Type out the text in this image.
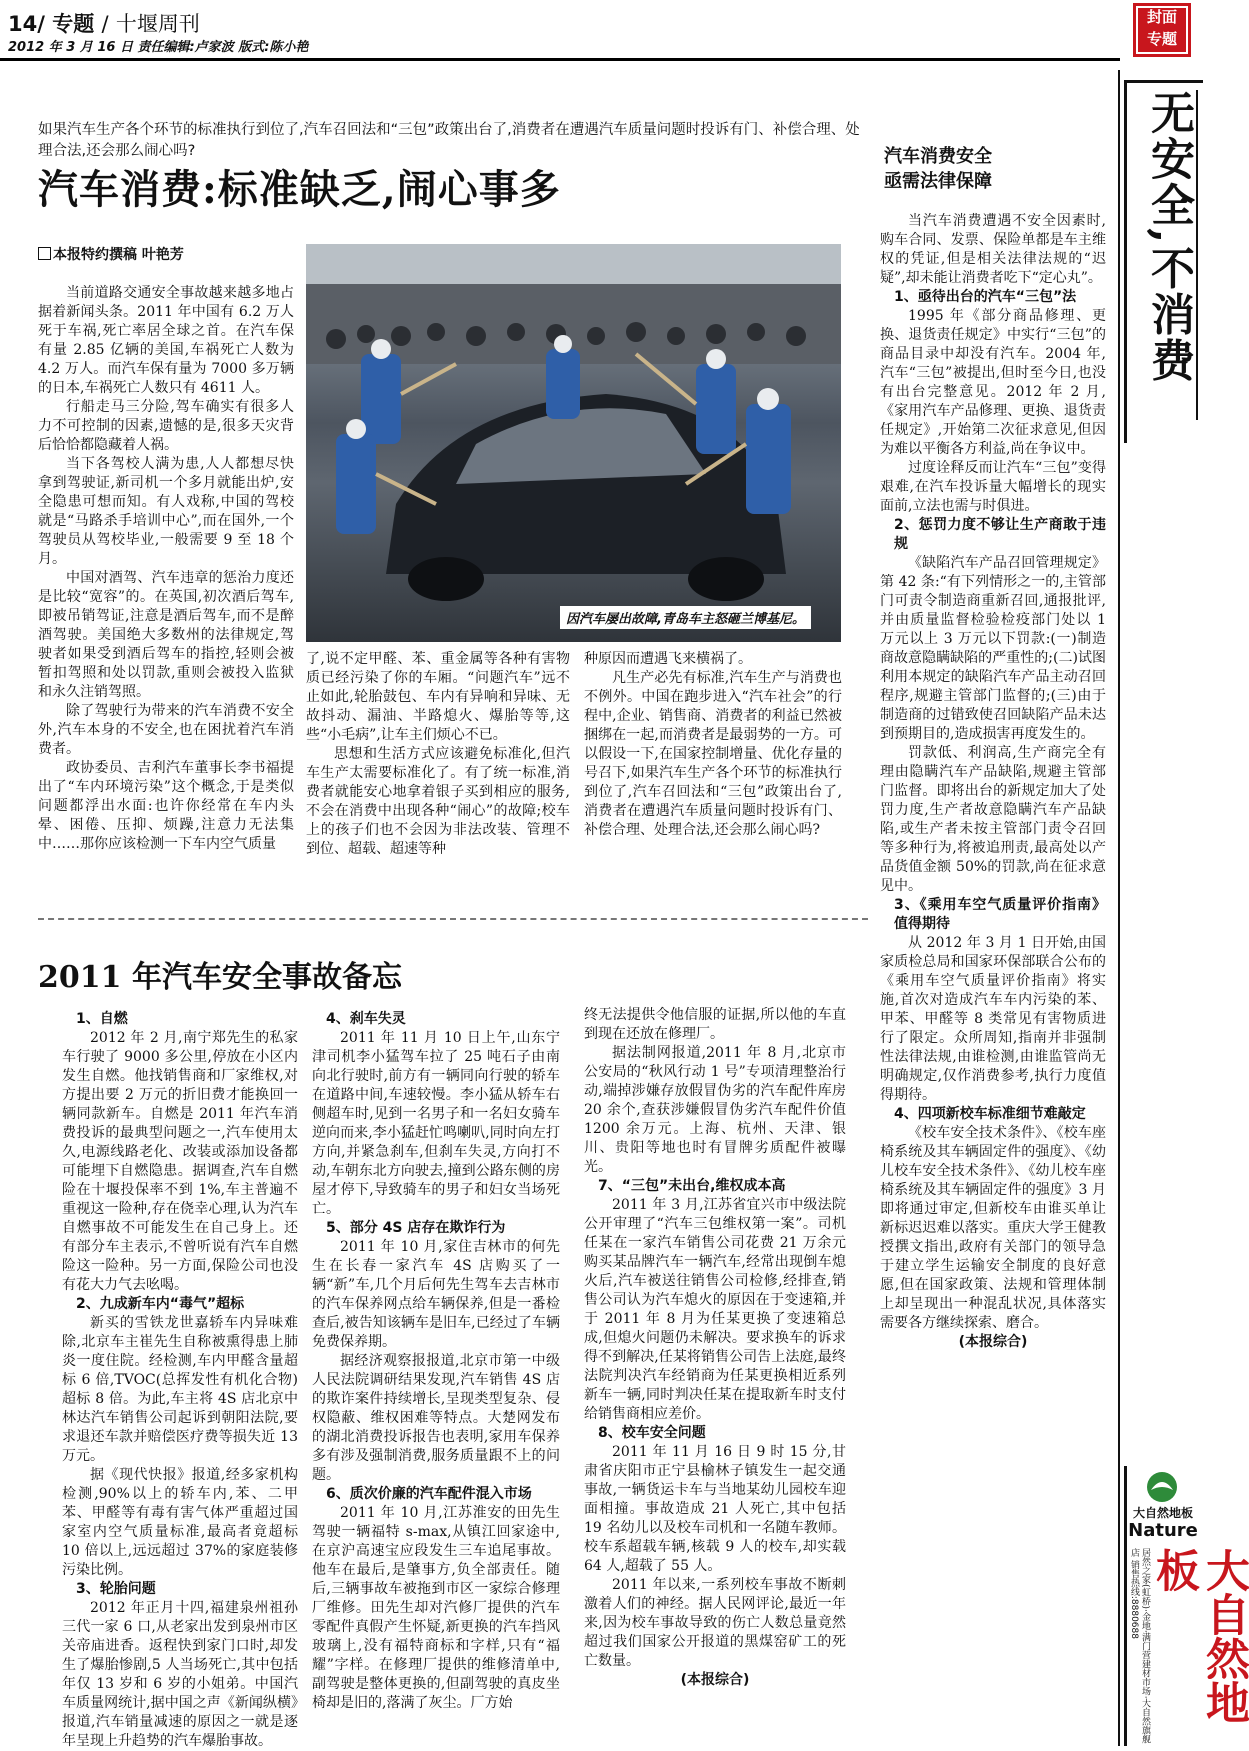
14/ 专题 / 十堰周刊
2012 年 3 月 16 日 责任编辑:卢家波 版式:陈小艳
封面
专题
无安全,不消费
如果汽车生产各个环节的标准执行到位了,汽车召回法和“三包”政策出台了,消费者在遭遇汽车质量问题时投诉有门、补偿合理、处理合法,还会那么闹心吗?
汽车消费:标准缺乏,闹心事多
本报特约撰稿 叶艳芳

当前道路交通安全事故越来越多地占据着新闻头条。2011 年中国有 6.2 万人死于车祸,死亡率居全球之首。在汽车保有量 2.85 亿辆的美国,车祸死亡人数为 4.2 万人。而汽车保有量为 7000 多万辆的日本,车祸死亡人数只有 4611 人。

行船走马三分险,驾车确实有很多人力不可控制的因素,遗憾的是,很多天灾背后恰恰都隐藏着人祸。

当下各驾校人满为患,人人都想尽快拿到驾驶证,新司机一个多月就能出炉,安全隐患可想而知。有人戏称,中国的驾校就是“马路杀手培训中心”,而在国外,一个驾驶员从驾校毕业,一般需要 9 至 18 个月。

中国对酒驾、汽车违章的惩治力度还是比较“宽容”的。在英国,初次酒后驾车,即被吊销驾证,注意是酒后驾车,而不是醉酒驾驶。美国绝大多数州的法律规定,驾驶者如果受到酒后驾车的指控,轻则会被暂扣驾照和处以罚款,重则会被投入监狱和永久注销驾照。

除了驾驶行为带来的汽车消费不安全外,汽车本身的不安全,也在困扰着汽车消费者。

政协委员、吉利汽车董事长李书福提出了“车内环境污染”这个概念,于是类似问题都浮出水面:也许你经常在车内头晕、困倦、压抑、烦躁,注意力无法集中……那你应该检测一下车内空气质量

因汽车屡出故障,青岛车主怒砸兰博基尼。

了,说不定甲醛、苯、重金属等各种有害物质已经污染了你的车厢。“问题汽车”远不止如此,轮胎鼓包、车内有异响和异味、无故抖动、漏油、半路熄火、爆胎等等,这些“小毛病”,让车主们烦心不已。

思想和生活方式应该避免标准化,但汽车生产太需要标准化了。有了统一标准,消费者就能安心地拿着银子买到相应的服务,不会在消费中出现各种“闹心”的故障;校车上的孩子们也不会因为非法改装、管理不到位、超载、超速等种

种原因而遭遇飞来横祸了。

凡生产必先有标准,汽车生产与消费也不例外。中国在跑步进入“汽车社会”的行程中,企业、销售商、消费者的利益已然被捆绑在一起,而消费者是最弱势的一方。可以假设一下,在国家控制增量、优化存量的号召下,如果汽车生产各个环节的标准执行到位了,汽车召回法和“三包”政策出台了,消费者在遭遇汽车质量问题时投诉有门、补偿合理、处理合法,还会那么闹心吗?

2011 年汽车安全事故备忘

1、自燃

2012 年 2 月,南宁郑先生的私家车行驶了 9000 多公里,停放在小区内发生自燃。他找销售商和厂家维权,对方提出要 2 万元的折旧费才能换回一辆同款新车。自燃是 2011 年汽车消费投诉的最典型问题之一,汽车使用太久,电源线路老化、改装或添加设备都可能埋下自燃隐患。据调查,汽车自燃险在十堰投保率不到 1%,车主普遍不重视这一险种,存在侥幸心理,认为汽车自燃事故不可能发生在自己身上。还有部分车主表示,不曾听说有汽车自燃险这一险种。另一方面,保险公司也没有花大力气去吆喝。

2、九成新车内“毒气”超标

新买的雪铁龙世嘉轿车内异味难除,北京车主崔先生自称被熏得患上肺炎一度住院。经检测,车内甲醛含量超标 6 倍,TVOC(总挥发性有机化合物)超标 8 倍。为此,车主将 4S 店北京中林达汽车销售公司起诉到朝阳法院,要求退还车款并赔偿医疗费等损失近 13 万元。

据《现代快报》报道,经多家机构检测,90%以上的轿车内,苯、二甲苯、甲醛等有毒有害气体严重超过国家室内空气质量标准,最高者竟超标 10 倍以上,远远超过 37%的家庭装修污染比例。

3、轮胎问题

2012 年正月十四,福建泉州祖孙三代一家 6 口,从老家出发到泉州市区关帝庙进香。返程快到家门口时,却发生了爆胎惨剧,5 人当场死亡,其中包括年仅 13 岁和 6 岁的小姐弟。中国汽车质量网统计,据中国之声《新闻纵横》报道,汽车销量减速的原因之一就是逐年呈现上升趋势的汽车爆胎事故。

4、刹车失灵

2011 年 11 月 10 日上午,山东宁津司机李小猛驾车拉了 25 吨石子由南向北行驶时,前方有一辆同向行驶的轿车在道路中间,车速较慢。李小猛从轿车右侧超车时,见到一名男子和一名妇女骑车逆向而来,李小猛赶忙鸣喇叭,同时向左打方向,并紧急刹车,但刹车失灵,方向打不动,车朝东北方向驶去,撞到公路东侧的房屋才停下,导致骑车的男子和妇女当场死亡。

5、部分 4S 店存在欺诈行为

2011 年 10 月,家住吉林市的何先生在长春一家汽车 4S 店购买了一辆“新”车,几个月后何先生驾车去吉林市的汽车保养网点给车辆保养,但是一番检查后,被告知该辆车是旧车,已经过了车辆免费保养期。

据经济观察报报道,北京市第一中级人民法院调研结果发现,汽车销售 4S 店的欺诈案件持续增长,呈现类型复杂、侵权隐蔽、维权困难等特点。大楚网发布的湖北消费投诉报告也表明,家用车保养多有涉及强制消费,服务质量跟不上的问题。

6、质次价廉的汽车配件混入市场

2011 年 10 月,江苏淮安的田先生驾驶一辆福特 s-max,从镇江回家途中,在京沪高速宝应段发生三车追尾事故。他车在最后,是肇事方,负全部责任。随后,三辆事故车被拖到市区一家综合修理厂维修。田先生却对汽修厂提供的汽车零配件真假产生怀疑,新更换的汽车挡风玻璃上,没有福特商标和字样,只有“福耀”字样。在修理厂提供的维修清单中,副驾驶是整体更换的,但副驾驶的真皮坐椅却是旧的,落满了灰尘。厂方始

终无法提供令他信服的证据,所以他的车直到现在还放在修理厂。

据法制网报道,2011 年 8 月,北京市公安局的“秋风行动 1 号”专项清理整治行动,端掉涉嫌存放假冒伪劣的汽车配件库房 20 余个,查获涉嫌假冒伪劣汽车配件价值 1200 余万元。上海、杭州、天津、银川、贵阳等地也时有冒牌劣质配件被曝光。

7、“三包”未出台,维权成本高

2011 年 3 月,江苏省宜兴市中级法院公开审理了“汽车三包维权第一案”。司机任某在一家汽车销售公司花费 21 万余元购买某品牌汽车一辆汽车,经常出现倒车熄火后,汽车被送往销售公司检修,经排查,销售公司认为汽车熄火的原因在于变速箱,并于 2011 年 8 月为任某更换了变速箱总成,但熄火问题仍未解决。要求换车的诉求得不到解决,任某将销售公司告上法庭,最终法院判决汽车经销商为任某更换相近系列新车一辆,同时判决任某在提取新车时支付给销售商相应差价。

8、校车安全问题

2011 年 11 月 16 日 9 时 15 分,甘肃省庆阳市正宁县榆林子镇发生一起交通事故,一辆货运卡车与当地某幼儿园校车迎面相撞。事故造成 21 人死亡,其中包括 19 名幼儿以及校车司机和一名随车教师。校车系超载车辆,核载 9 人的校车,却实载 64 人,超载了 55 人。

2011 年以来,一系列校车事故不断刺激着人们的神经。据人民网评论,最近一年来,因为校车事故导致的伤亡人数总量竟然超过我们国家公开报道的黑煤窑矿工的死亡数量。

(本报综合)

汽车消费安全
亟需法律保障

当汽车消费遭遇不安全因素时,购车合同、发票、保险单都是车主维权的凭证,但是相关法律法规的“迟疑”,却未能让消费者吃下“定心丸”。

1、亟待出台的汽车“三包”法

1995 年《部分商品修理、更换、退货责任规定》中实行“三包”的商品目录中却没有汽车。2004 年,汽车“三包”被提出,但时至今日,也没有出台完整意见。2012 年 2 月,《家用汽车产品修理、更换、退货责任规定》,开始第二次征求意见,但因为难以平衡各方利益,尚在争议中。

过度诠释反而让汽车“三包”变得艰难,在汽车投诉量大幅增长的现实面前,立法也需与时俱进。

2、惩罚力度不够让生产商敢于违规

《缺陷汽车产品召回管理规定》第 42 条:“有下列情形之一的,主管部门可责令制造商重新召回,通报批评,并由质量监督检验检疫部门处以 1 万元以上 3 万元以下罚款:(一)制造商故意隐瞒缺陷的严重性的;(二)试图利用本规定的缺陷汽车产品主动召回程序,规避主管部门监督的;(三)由于制造商的过错致使召回缺陷产品未达到预期目的,造成损害再度发生的。

罚款低、利润高,生产商完全有理由隐瞒汽车产品缺陷,规避主管部门监督。即将出台的新规定加大了处罚力度,生产者故意隐瞒汽车产品缺陷,或生产者未按主管部门责令召回等多种行为,将被追刑责,最高处以产品货值金额 50%的罚款,尚在征求意见中。

3、《乘用车空气质量评价指南》值得期待

从 2012 年 3 月 1 日开始,由国家质检总局和国家环保部联合公布的《乘用车空气质量评价指南》将实施,首次对造成汽车车内污染的苯、甲苯、甲醛等 8 类常见有害物质进行了限定。众所周知,指南并非强制性法律法规,由谁检测,由谁监管尚无明确规定,仅作消费参考,执行力度值得期待。

4、四项新校车标准细节难敲定

《校车安全技术条件》、《校车座椅系统及其车辆固定件的强度》、《幼儿校车安全技术条件》、《幼儿校车座椅系统及其车辆固定件的强度》3 月即将通过审定,但新校车由谁买单让新标迟迟难以落实。重庆大学王健教授撰文指出,政府有关部门的领导急于建立学生运输安全制度的良好意愿,但在国家政策、法规和管理体制上却呈现出一种混乱状况,具体落实需要各方继续探索、磨合。

(本报综合)

大自然地板
Nature
居然之家(虹桥)·金地·满门营建材市场·大自然旗舰店 销售热线:8880688	大自然地板
